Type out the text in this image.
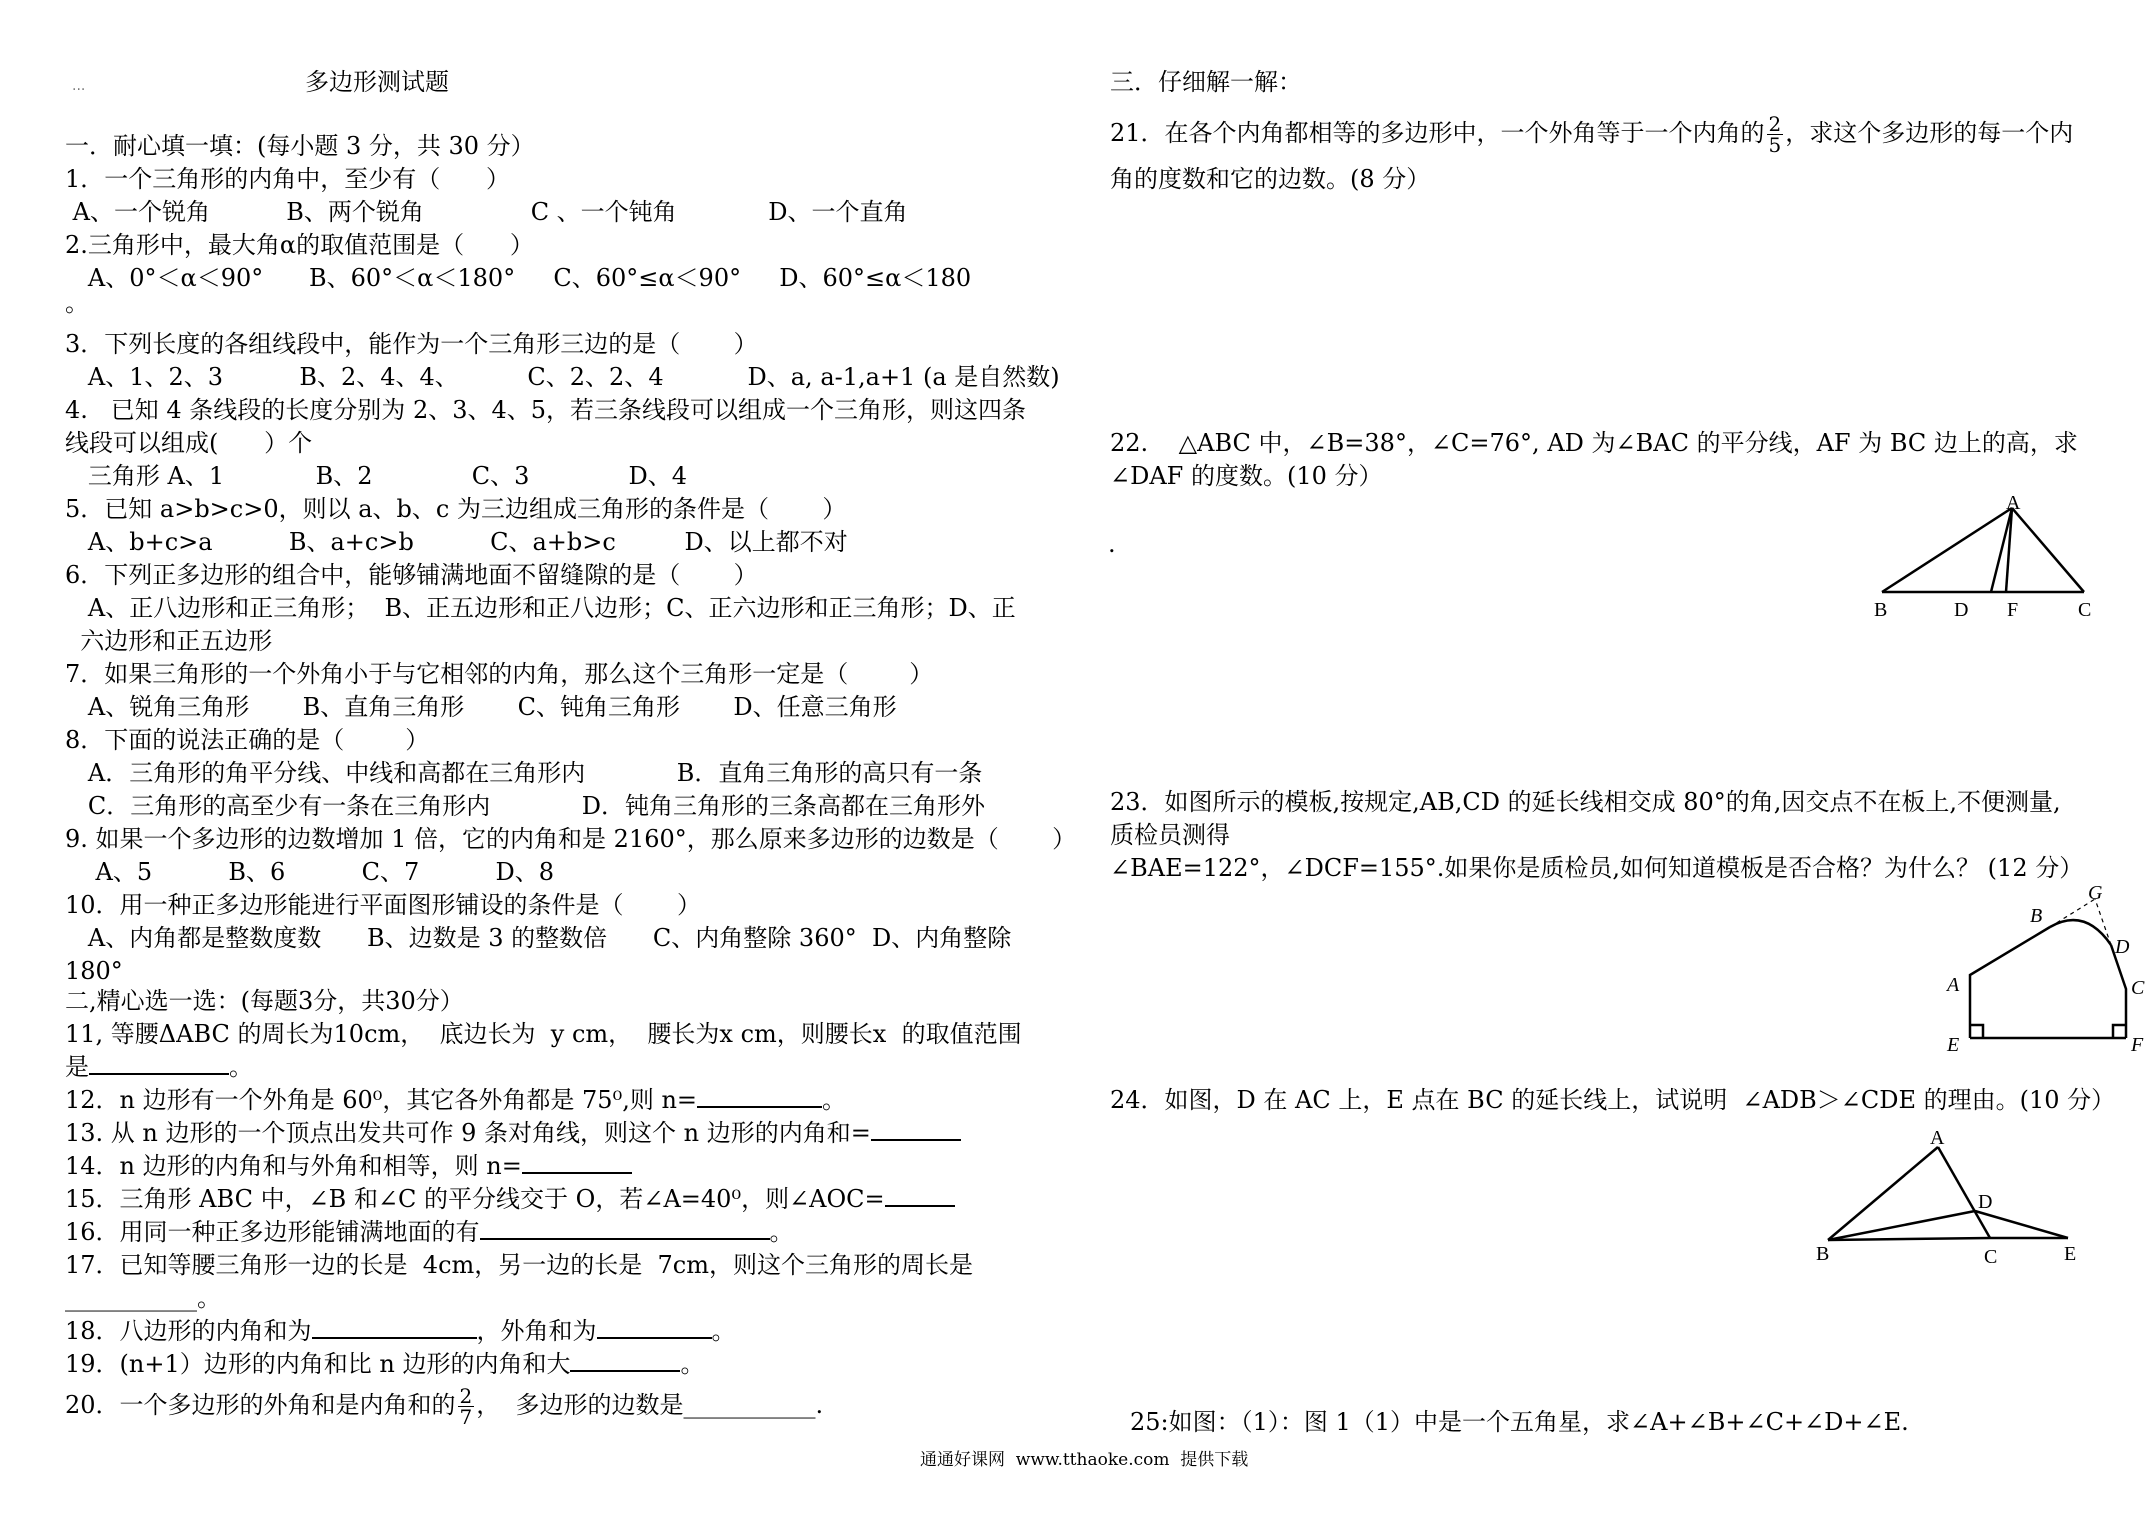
...	多边形测试题
一．耐心填一填：(每小题 3 分，共 30 分）
1．一个三角形的内角中，至少有（      ）
A、一个锐角          B、两个锐角              C 、一个钝角            D、一个直角
2.三角形中，最大角α的取值范围是（      ）
A、0°＜α＜90°      B、60°＜α＜180°     C、60°≤α＜90°     D、60°≤α＜180
。
3．下列长度的各组线段中，能作为一个三角形三边的是（       ）
A、1、2、3          B、2、4、4、         C、2、2、4           D、a, a-1,a+1 (a 是自然数)
4.   已知 4 条线段的长度分别为 2、3、4、5，若三条线段可以组成一个三角形，则这四条
线段可以组成(      ）个
三角形 A、1            B、2             C、3             D、4
5．已知 a>b>c>0，则以 a、b、c 为三边组成三角形的条件是（       ）
A、b+c>a          B、a+c>b          C、a+b>c         D、以上都不对
6．下列正多边形的组合中，能够铺满地面不留缝隙的是（       ）
A、正八边形和正三角形；  B、正五边形和正八边形；C、正六边形和正三角形；D、正
六边形和正五边形
7．如果三角形的一个外角小于与它相邻的内角，那么这个三角形一定是（        ）
A、锐角三角形       B、直角三角形       C、钝角三角形       D、任意三角形
8．下面的说法正确的是（        ）
A．三角形的角平分线、中线和高都在三角形内            B．直角三角形的高只有一条
C．三角形的高至少有一条在三角形内            D．钝角三角形的三条高都在三角形外
9. 如果一个多边形的边数增加 1 倍，它的内角和是 2160°，那么原来多边形的边数是（       ）
A、5          B、6          C、7          D、8
10．用一种正多边形能进行平面图形铺设的条件是（       ）
A、内角都是整数度数      B、边数是 3 的整数倍      C、内角整除 360°  D、内角整除
180°
二,精心选一选：(每题3分，共30分）
11, 等腰ΔABC 的周长为10cm，  底边长为  y cm，  腰长为x cm，则腰长x  的取值范围
是	。
12．n 边形有一个外角是 60⁰，其它各外角都是 75⁰,则 n=	。
13. 从 n 边形的一个顶点出发共可作 9 条对角线，则这个 n 边形的内角和=
14．n 边形的内角和与外角和相等，则 n=
15．三角形 ABC 中，∠B 和∠C 的平分线交于 O，若∠A=40⁰，则∠AOC=
16．用同一种正多边形能铺满地面的有	。
17．已知等腰三角形一边的长是  4cm，另一边的长是  7cm，则这个三角形的周长是
___________。
18．八边形的内角和为	，外角和为	。
19．(n+1）边形的内角和比 n 边形的内角和大	。
20．一个多边形的外角和是内角和的 $\frac{2}{7}$ ，  多边形的边数是___________.
三．仔细解一解：
21．在各个内角都相等的多边形中，一个外角等于一个内角的 $\frac{2}{5}$ ，求这个多边形的每一个内
角的度数和它的边数。(8 分）
22.    △ABC 中，∠B=38°，∠C=76°, AD 为∠BAC 的平分线，AF 为 BC 边上的高，求
∠DAF 的度数。(10 分）
.
A
B	D F	C
23．如图所示的模板,按规定,AB,CD 的延长线相交成 80°的角,因交点不在板上,不便测量,
质检员测得
∠BAE=122°，∠DCF=155°.如果你是质检员,如何知道模板是否合格？为什么？ (12 分）
G
B
D
A	C
E	F
24．如图，D 在 AC 上，E 点在 BC 的延长线上，试说明  ∠ADB＞∠CDE 的理由。(10 分）
A
D
B	C	E
25:如图：（1）：图 1（1）中是一个五角星，求∠A+∠B+∠C+∠D+∠E.
通通好课网  www.tthaoke.com  提供下载
